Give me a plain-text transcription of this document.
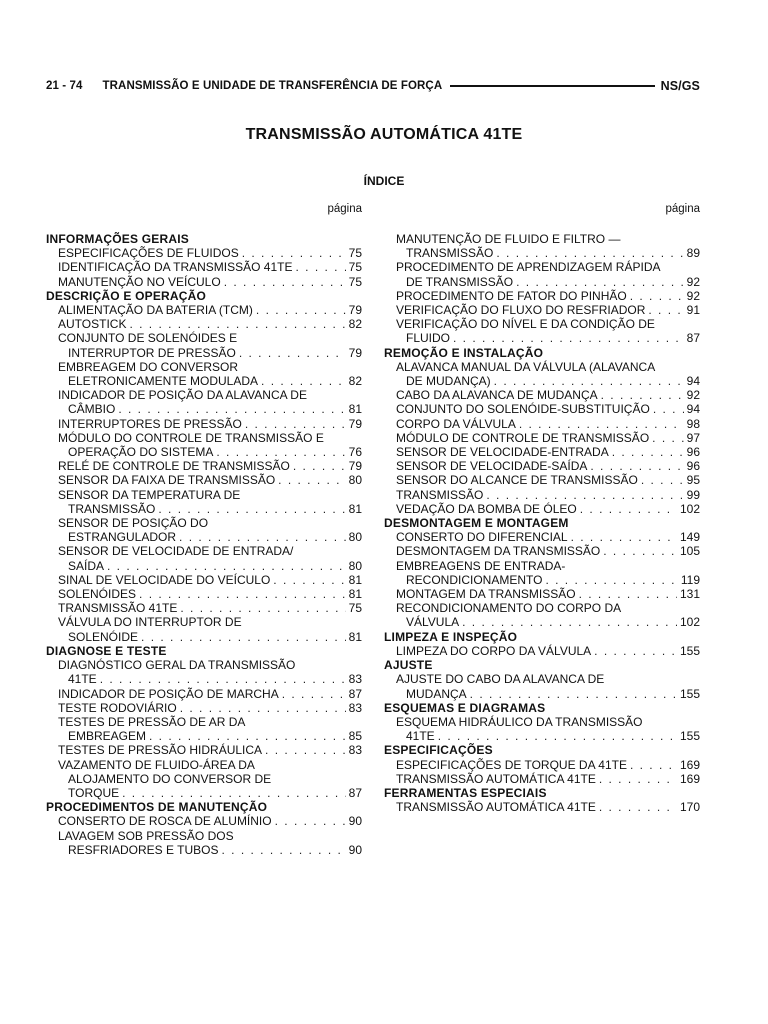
21 - 74 TRANSMISSÃO E UNIDADE DE TRANSFERÊNCIA DE FORÇA	NS/GS
TRANSMISSÃO AUTOMÁTICA 41TE
ÍNDICE
página
INFORMAÇÕES GERAIS
ESPECIFICAÇÕES DE FLUIDOS . . .	75
IDENTIFICAÇÃO DA TRANSMISSÃO 41TE . . .	75
MANUTENÇÃO NO VEÍCULO . . .	75
DESCRIÇÃO E OPERAÇÃO
ALIMENTAÇÃO DA BATERIA (TCM) . . .	79
AUTOSTICK . . .	82
CONJUNTO DE SOLENÓIDES E
INTERRUPTOR DE PRESSÃO . . .	79
EMBREAGEM DO CONVERSOR
ELETRONICAMENTE MODULADA . . .	82
INDICADOR DE POSIÇÃO DA ALAVANCA DE
CÂMBIO . . .	81
INTERRUPTORES DE PRESSÃO . . .	79
MÓDULO DO CONTROLE DE TRANSMISSÃO E
OPERAÇÃO DO SISTEMA . . .	76
RELÉ DE CONTROLE DE TRANSMISSÃO . . .	79
SENSOR DA FAIXA DE TRANSMISSÃO . . .	80
SENSOR DA TEMPERATURA DE
TRANSMISSÃO . . .	81
SENSOR DE POSIÇÃO DO
ESTRANGULADOR . . .	80
SENSOR DE VELOCIDADE DE ENTRADA/
SAÍDA . . .	80
SINAL DE VELOCIDADE DO VEÍCULO . . .	81
SOLENÓIDES . . .	81
TRANSMISSÃO 41TE . . .	75
VÁLVULA DO INTERRUPTOR DE
SOLENÓIDE . . .	81
DIAGNOSE E TESTE
DIAGNÓSTICO GERAL DA TRANSMISSÃO
41TE . . .	83
INDICADOR DE POSIÇÃO DE MARCHA . . .	87
TESTE RODOVIÁRIO . . .	83
TESTES DE PRESSÃO DE AR DA
EMBREAGEM . . .	85
TESTES DE PRESSÃO HIDRÁULICA . . .	83
VAZAMENTO DE FLUIDO-ÁREA DA
ALOJAMENTO DO CONVERSOR DE
TORQUE . . .	87
PROCEDIMENTOS DE MANUTENÇÃO
CONSERTO DE ROSCA DE ALUMÍNIO . . .	90
LAVAGEM SOB PRESSÃO DOS
RESFRIADORES E TUBOS . . .	90
página
MANUTENÇÃO DE FLUIDO E FILTRO —
TRANSMISSÃO . . .	89
PROCEDIMENTO DE APRENDIZAGEM RÁPIDA
DE TRANSMISSÃO . . .	92
PROCEDIMENTO DE FATOR DO PINHÃO . . .	92
VERIFICAÇÃO DO FLUXO DO RESFRIADOR . . .	91
VERIFICAÇÃO DO NÍVEL E DA CONDIÇÃO DE
FLUIDO . . .	87
REMOÇÃO E INSTALAÇÃO
ALAVANCA MANUAL DA VÁLVULA (ALAVANCA
DE MUDANÇA) . . .	94
CABO DA ALAVANCA DE MUDANÇA . . .	92
CONJUNTO DO SOLENÓIDE-SUBSTITUIÇÃO . . .	94
CORPO DA VÁLVULA . . .	98
MÓDULO DE CONTROLE DE TRANSMISSÃO . . .	97
SENSOR DE VELOCIDADE-ENTRADA . . .	96
SENSOR DE VELOCIDADE-SAÍDA . . .	96
SENSOR DO ALCANCE DE TRANSMISSÃO . . .	95
TRANSMISSÃO . . .	99
VEDAÇÃO DA BOMBA DE ÓLEO . . .	102
DESMONTAGEM E MONTAGEM
CONSERTO DO DIFERENCIAL . . .	149
DESMONTAGEM DA TRANSMISSÃO . . .	105
EMBREAGENS DE ENTRADA-
RECONDICIONAMENTO . . .	119
MONTAGEM DA TRANSMISSÃO . . .	131
RECONDICIONAMENTO DO CORPO DA
VÁLVULA . . .	102
LIMPEZA E INSPEÇÃO
LIMPEZA DO CORPO DA VÁLVULA . . .	155
AJUSTE
AJUSTE DO CABO DA ALAVANCA DE
MUDANÇA . . .	155
ESQUEMAS E DIAGRAMAS
ESQUEMA HIDRÁULICO DA TRANSMISSÃO
41TE . . .	155
ESPECIFICAÇÕES
ESPECIFICAÇÕES DE TORQUE DA 41TE . . .	169
TRANSMISSÃO AUTOMÁTICA 41TE . . .	169
FERRAMENTAS ESPECIAIS
TRANSMISSÃO AUTOMÁTICA 41TE . . .	170
